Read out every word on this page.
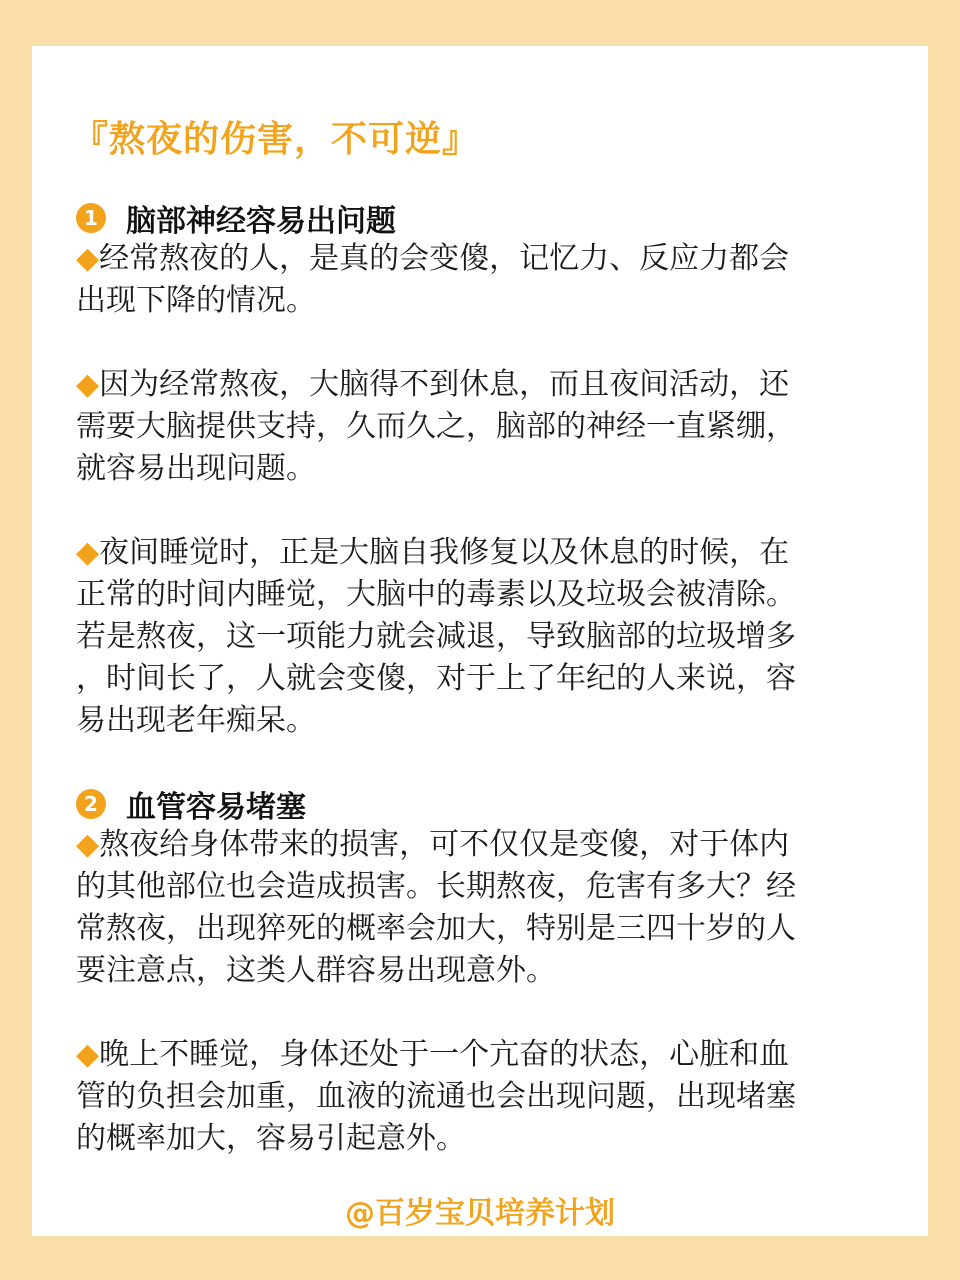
『熬夜的伤害，不可逆』
1 脑部神经容易出问题
◆经常熬夜的人，是真的会变傻，记忆力、反应力都会
出现下降的情况。
◆因为经常熬夜，大脑得不到休息，而且夜间活动，还
需要大脑提供支持，久而久之，脑部的神经一直紧绷，
就容易出现问题。
◆夜间睡觉时，正是大脑自我修复以及休息的时候，在
正常的时间内睡觉，大脑中的毒素以及垃圾会被清除。
若是熬夜，这一项能力就会减退，导致脑部的垃圾增多
，时间长了，人就会变傻，对于上了年纪的人来说，容
易出现老年痴呆。
2 血管容易堵塞
◆熬夜给身体带来的损害，可不仅仅是变傻，对于体内
的其他部位也会造成损害。长期熬夜，危害有多大？经
常熬夜，出现猝死的概率会加大，特别是三四十岁的人
要注意点，这类人群容易出现意外。
◆晚上不睡觉，身体还处于一个亢奋的状态，心脏和血
管的负担会加重，血液的流通也会出现问题，出现堵塞
的概率加大，容易引起意外。
@百岁宝贝培养计划
